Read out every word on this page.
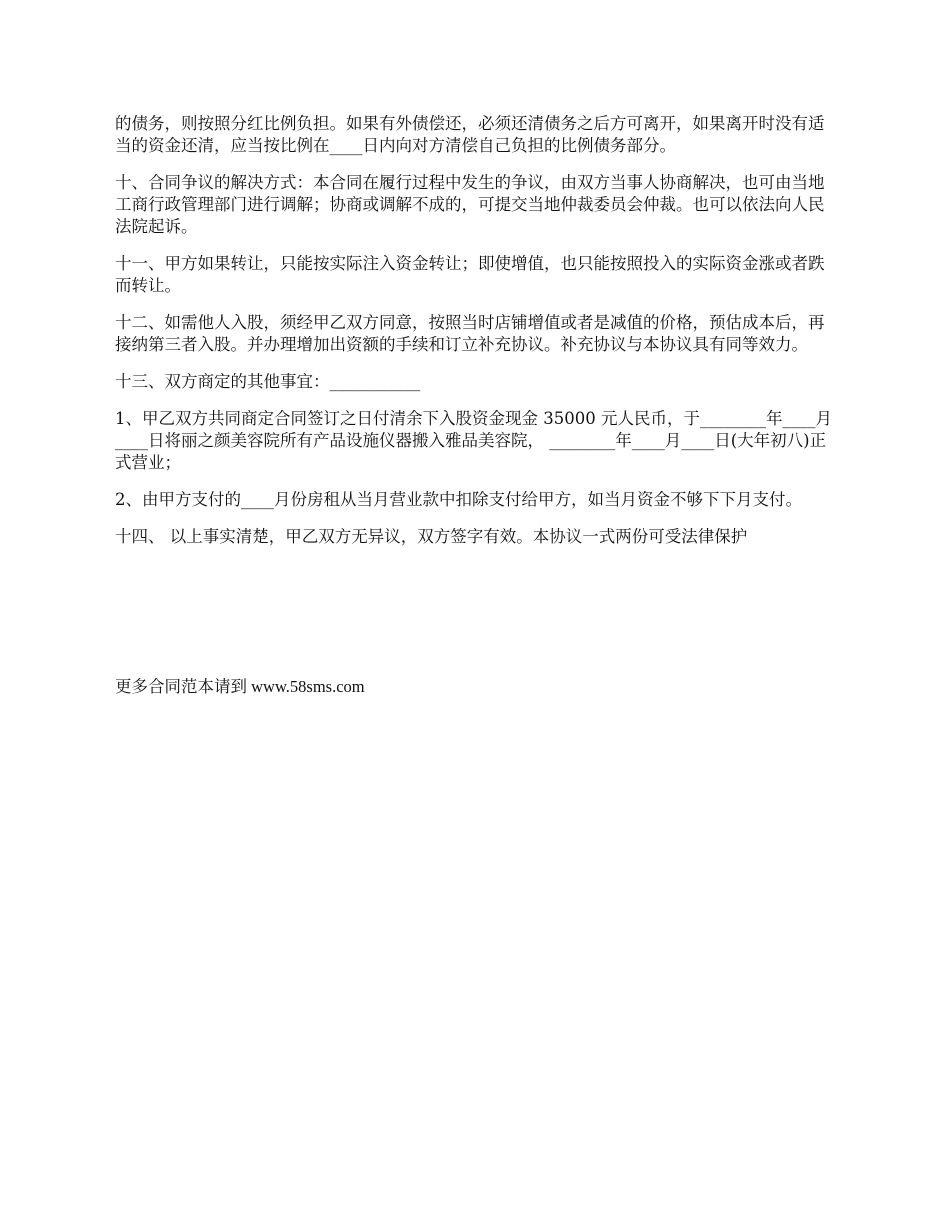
的债务，则按照分红比例负担。如果有外债偿还，必须还清债务之后方可离开，如果离开时没有适当的资金还清，应当按比例在____日内向对方清偿自己负担的比例债务部分。

十、合同争议的解决方式：本合同在履行过程中发生的争议，由双方当事人协商解决，也可由当地工商行政管理部门进行调解；协商或调解不成的，可提交当地仲裁委员会仲裁。也可以依法向人民法院起诉。

十一、甲方如果转让，只能按实际注入资金转让；即使增值，也只能按照投入的实际资金涨或者跌而转让。

十二、如需他人入股，须经甲乙双方同意，按照当时店铺增值或者是减值的价格，预估成本后，再接纳第三者入股。并办理增加出资额的手续和订立补充协议。补充协议与本协议具有同等效力。

十三、双方商定的其他事宜：___________

1、甲乙双方共同商定合同签订之日付清余下入股资金现金 35000 元人民币，于________年____月____日将丽之颜美容院所有产品设施仪器搬入雅品美容院， ________年____月____日(大年初八)正式营业；

2、由甲方支付的____月份房租从当月营业款中扣除支付给甲方，如当月资金不够下下月支付。

十四、 以上事实清楚，甲乙双方无异议，双方签字有效。本协议一式两份可受法律保护

更多合同范本请到 www.58sms.com
